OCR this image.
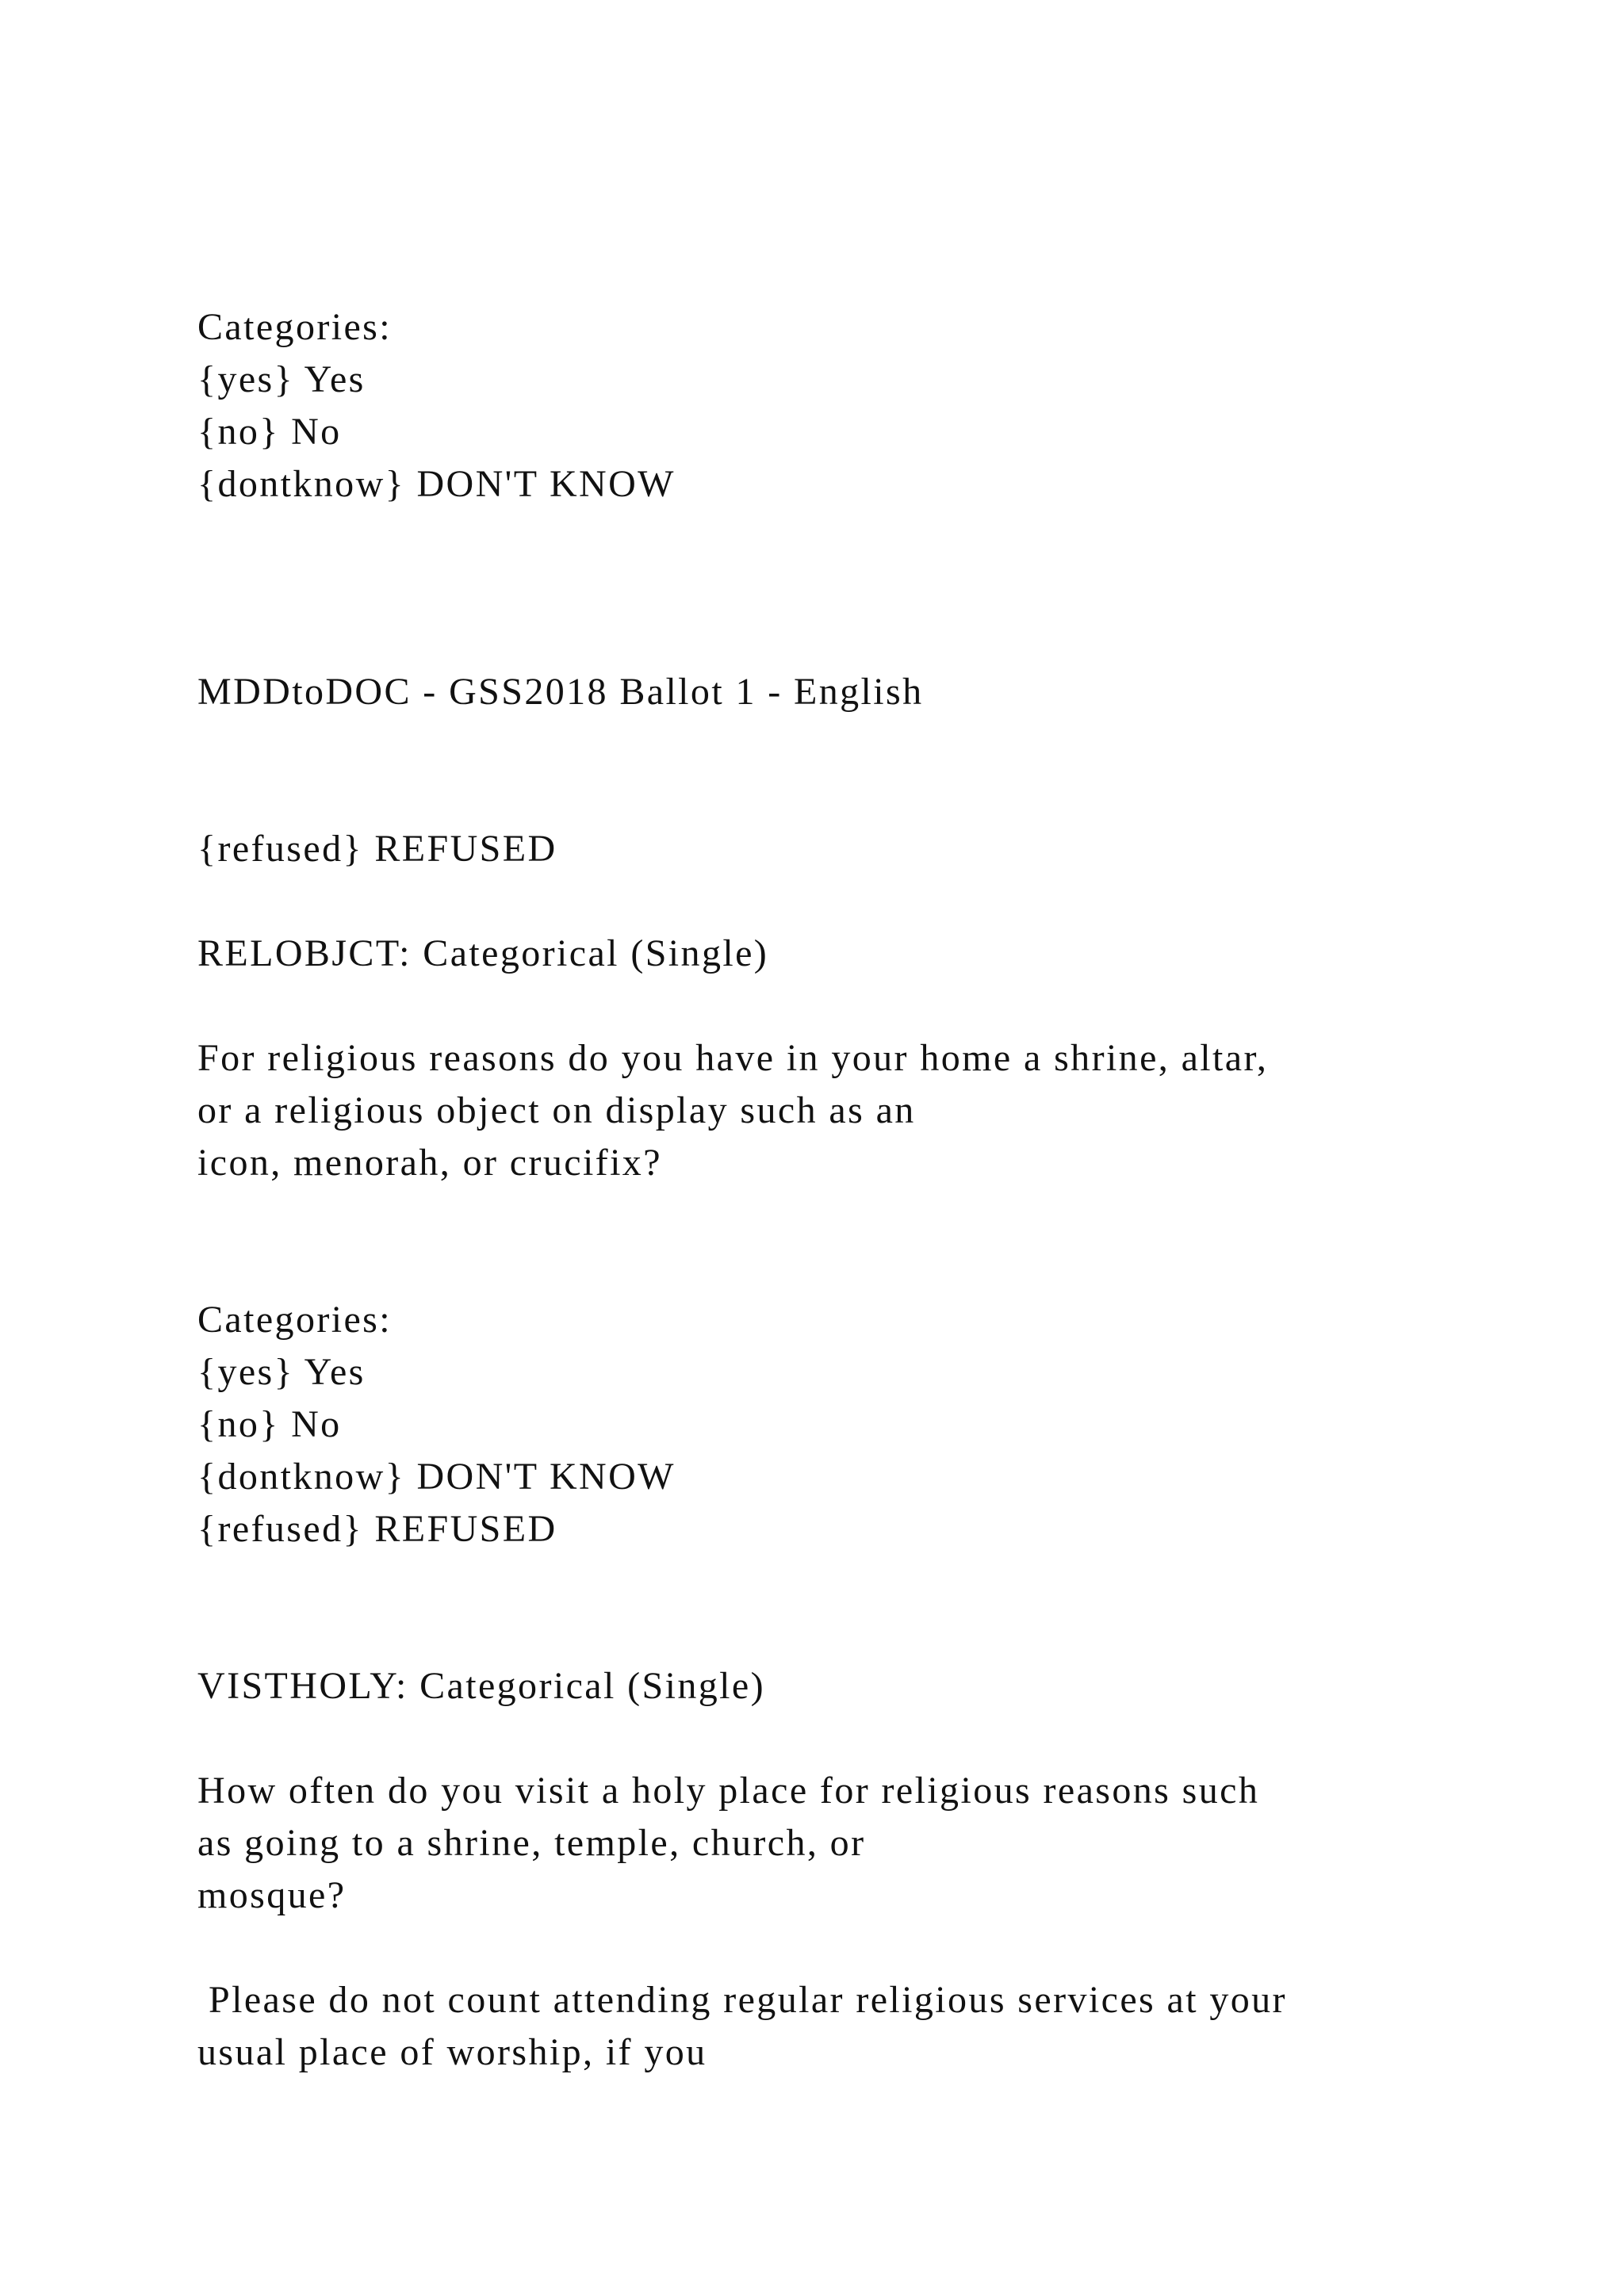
Categories:

{yes} Yes

{no} No

{dontknow} DON'T KNOW

MDDtoDOC - GSS2018 Ballot 1 - English

{refused} REFUSED

RELOBJCT: Categorical (Single)

For religious reasons do you have in your home a shrine, altar,

or a religious object on display such as an

icon, menorah, or crucifix?

Categories:

{yes} Yes

{no} No

{dontknow} DON'T KNOW

{refused} REFUSED

VISTHOLY: Categorical (Single)

How often do you visit a holy place for religious reasons such

as going to a shrine, temple, church, or

mosque?

Please do not count attending regular religious services at your

usual place of worship, if you
